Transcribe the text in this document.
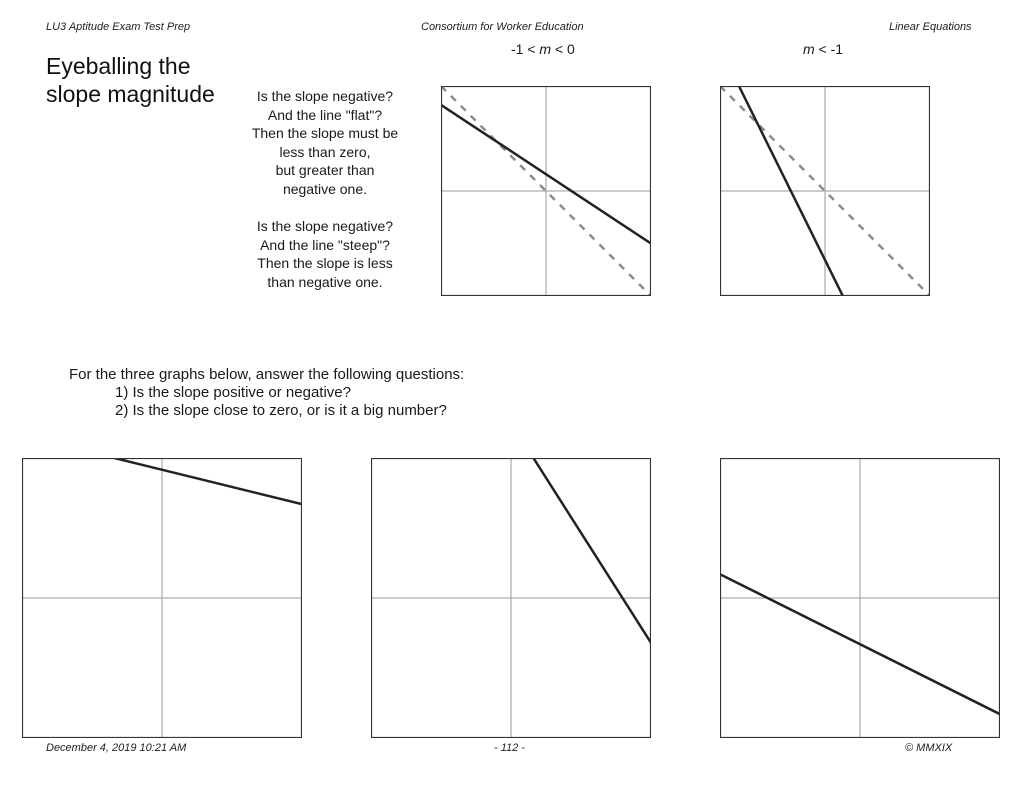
LU3 Aptitude Exam Test Prep	Consortium for Worker Education	Linear Equations
Eyeballing the
slope magnitude	Is the slope negative?
And the line "flat"?
Then the slope must be
less than zero,
but greater than
negative one.
Is the slope negative?
And the line "steep"?
Then the slope is less
than negative one.
-1 < m < 0	m < -1
For the three graphs below, answer the following questions:
1) Is the slope positive or negative?
2) Is the slope close to zero, or is it a big number?
December 4, 2019 10:21 AM	- 112 -	© MMXIX
